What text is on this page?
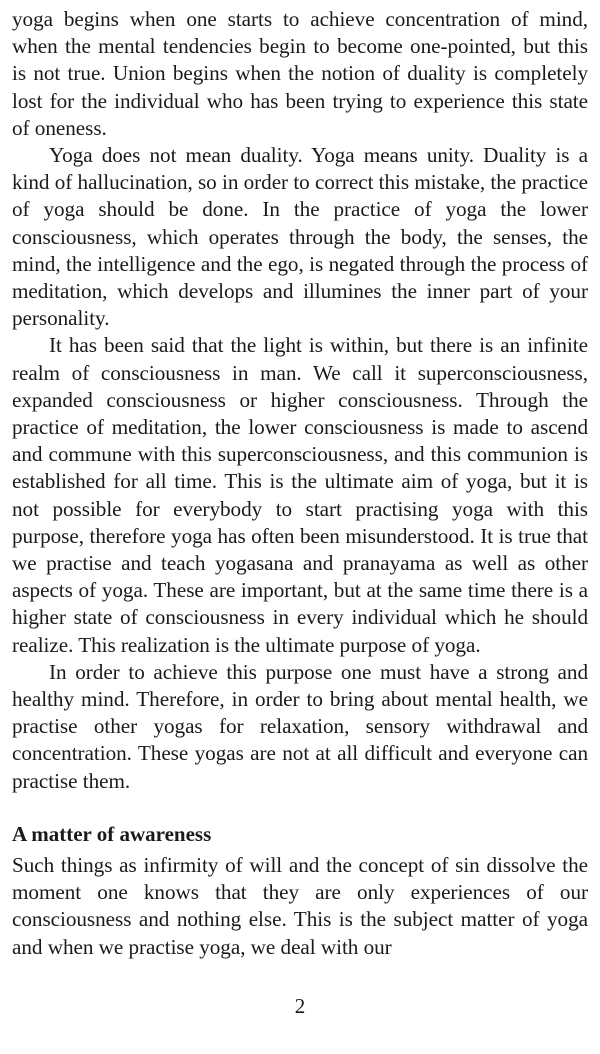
yoga begins when one starts to achieve concentration of mind, when the mental tendencies begin to become one-pointed, but this is not true. Union begins when the notion of duality is completely lost for the individual who has been trying to experience this state of oneness.

Yoga does not mean duality. Yoga means unity. Duality is a kind of hallucination, so in order to correct this mistake, the practice of yoga should be done. In the practice of yoga the lower consciousness, which operates through the body, the senses, the mind, the intelligence and the ego, is negated through the process of meditation, which develops and illumines the inner part of your personality.

It has been said that the light is within, but there is an infinite realm of consciousness in man. We call it superconsciousness, expanded consciousness or higher consciousness. Through the practice of meditation, the lower consciousness is made to ascend and commune with this superconsciousness, and this communion is established for all time. This is the ultimate aim of yoga, but it is not possible for everybody to start practising yoga with this purpose, therefore yoga has often been misunderstood. It is true that we practise and teach yogasana and pranayama as well as other aspects of yoga. These are important, but at the same time there is a higher state of consciousness in every individual which he should realize. This realization is the ultimate purpose of yoga.

In order to achieve this purpose one must have a strong and healthy mind. Therefore, in order to bring about mental health, we practise other yogas for relaxation, sensory withdrawal and concentration. These yogas are not at all difficult and everyone can practise them.

A matter of awareness

Such things as infirmity of will and the concept of sin dissolve the moment one knows that they are only experiences of our consciousness and nothing else. This is the subject matter of yoga and when we practise yoga, we deal with our

2
